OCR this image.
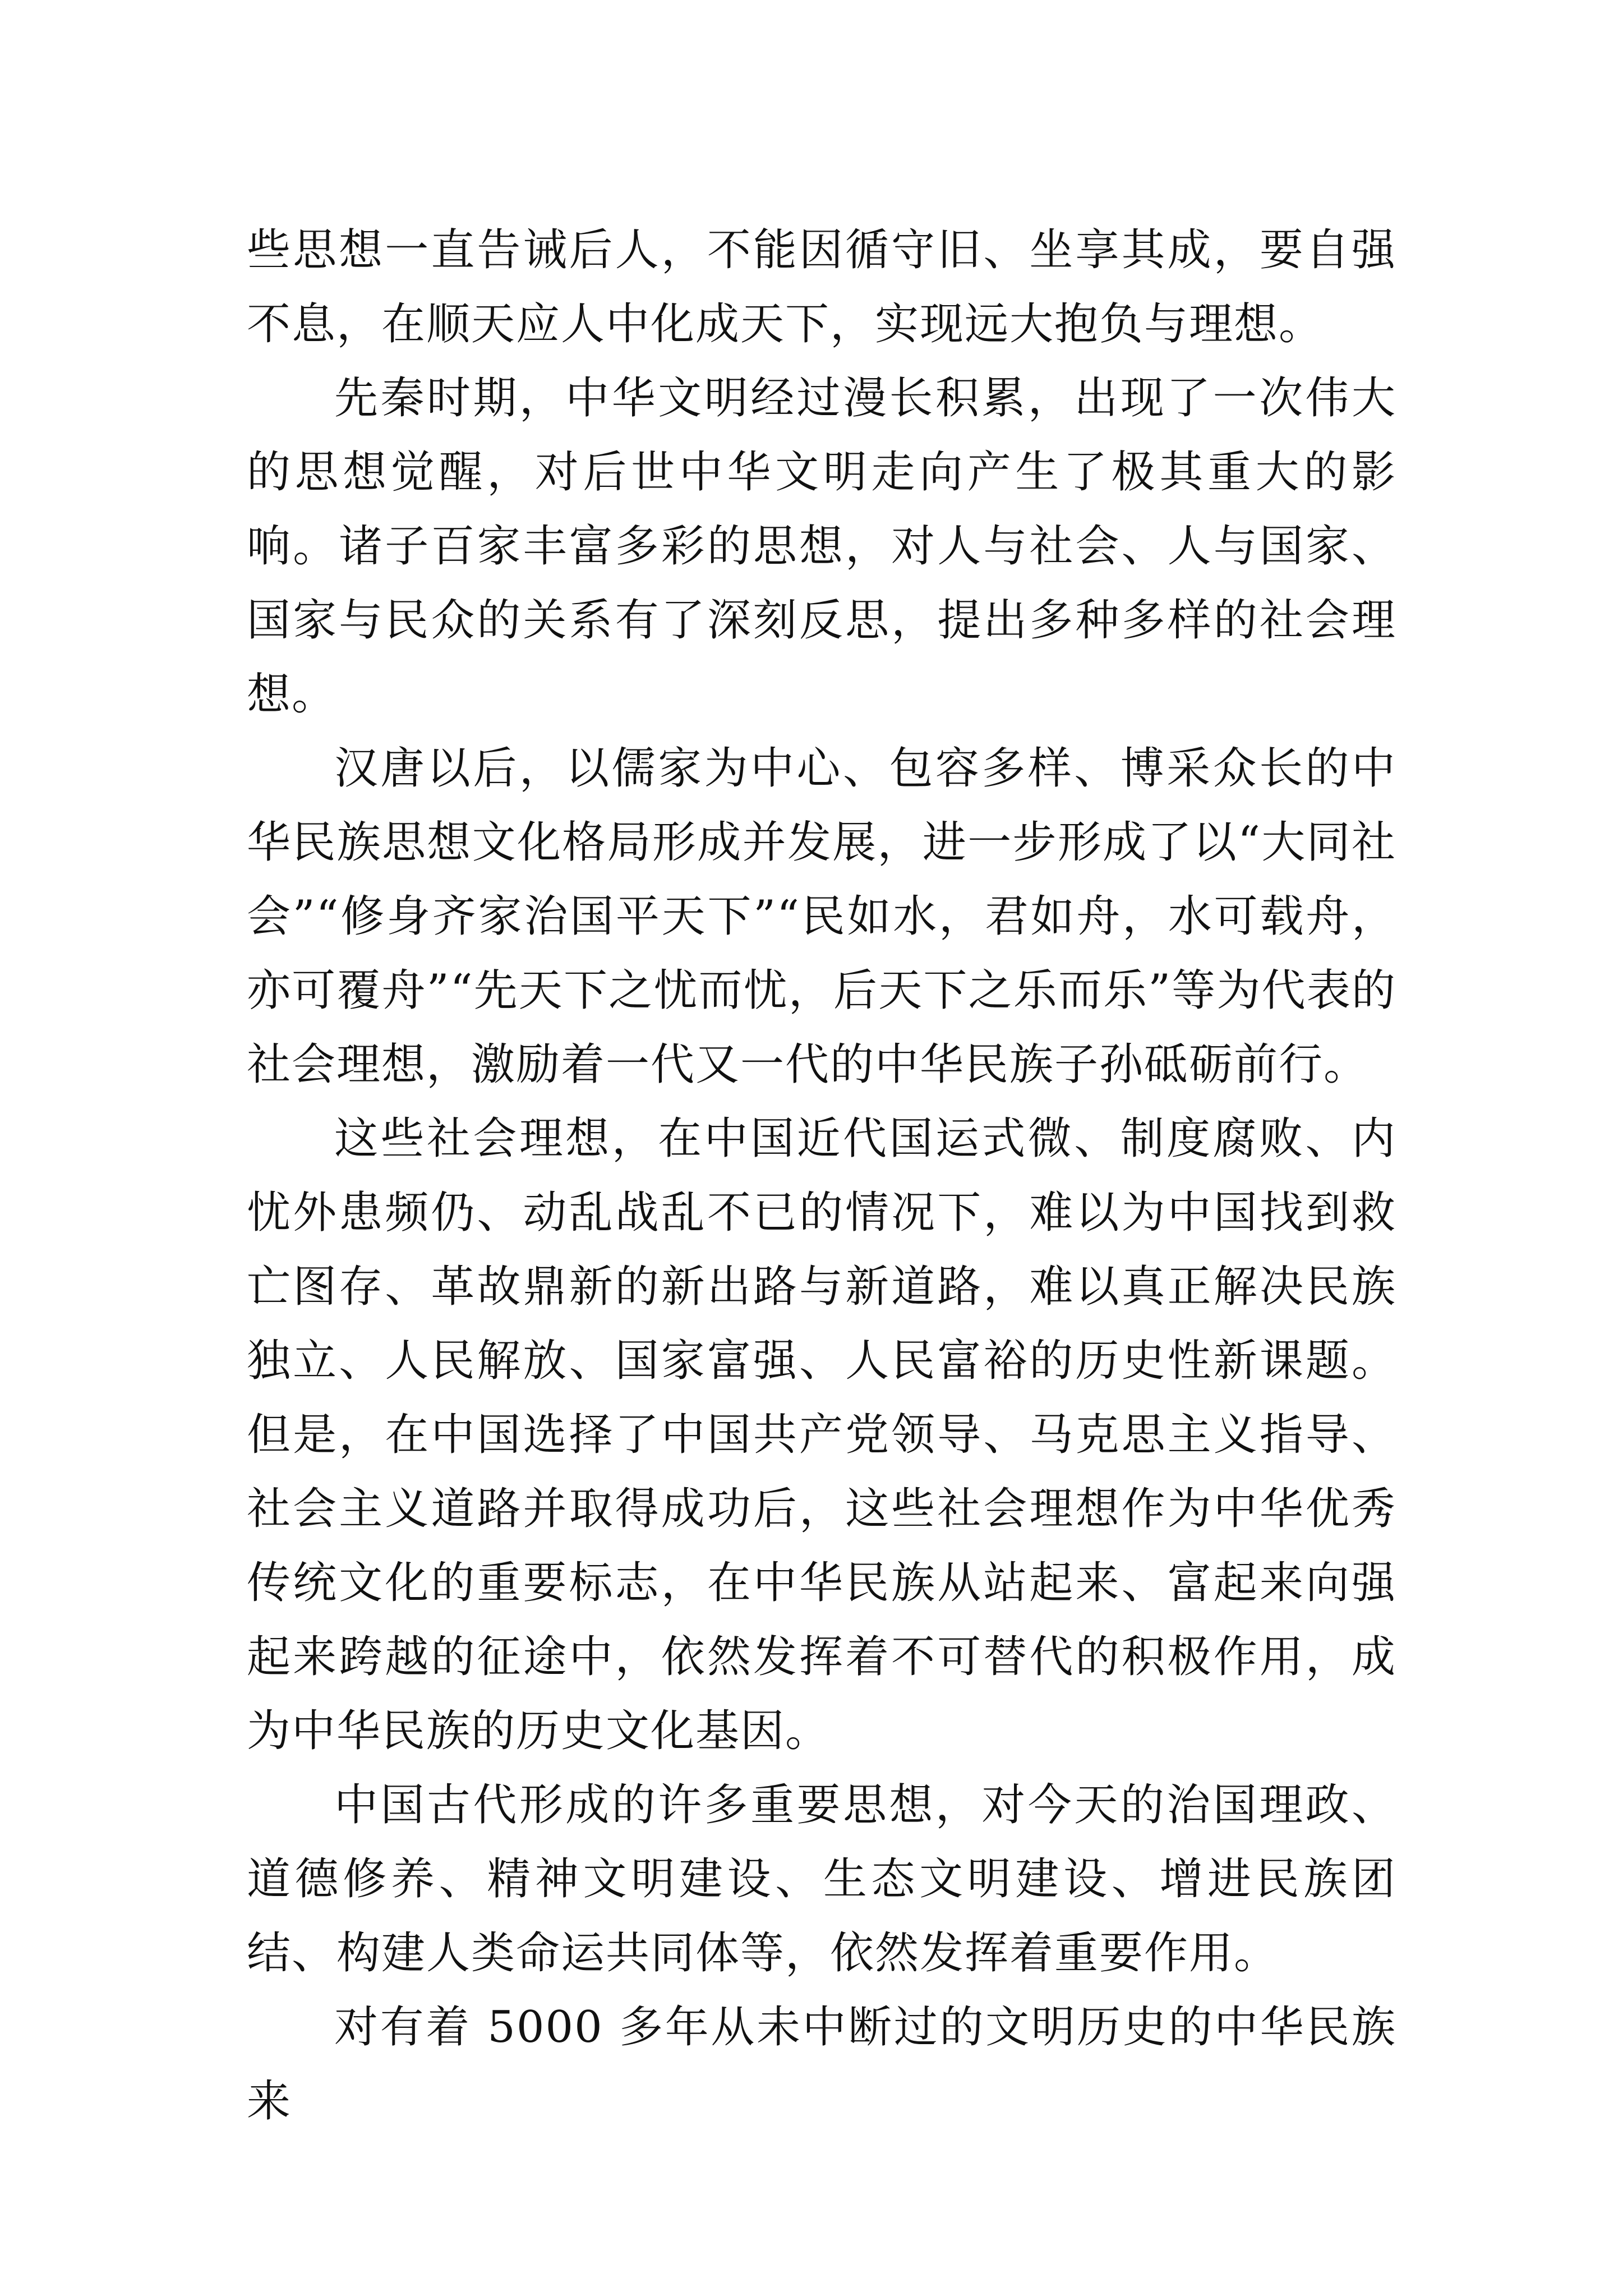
些思想一直告诫后人，不能因循守旧、坐享其成，要自强不息，在顺天应人中化成天下，实现远大抱负与理想。

先秦时期，中华文明经过漫长积累，出现了一次伟大的思想觉醒，对后世中华文明走向产生了极其重大的影响。诸子百家丰富多彩的思想，对人与社会、人与国家、国家与民众的关系有了深刻反思，提出多种多样的社会理想。

汉唐以后，以儒家为中心、包容多样、博采众长的中华民族思想文化格局形成并发展，进一步形成了以“大同社会”“修身齐家治国平天下”“民如水，君如舟，水可载舟，亦可覆舟”“先天下之忧而忧，后天下之乐而乐”等为代表的社会理想，激励着一代又一代的中华民族子孙砥砺前行。

这些社会理想，在中国近代国运式微、制度腐败、内忧外患频仍、动乱战乱不已的情况下，难以为中国找到救亡图存、革故鼎新的新出路与新道路，难以真正解决民族独立、人民解放、国家富强、人民富裕的历史性新课题。但是，在中国选择了中国共产党领导、马克思主义指导、社会主义道路并取得成功后，这些社会理想作为中华优秀传统文化的重要标志，在中华民族从站起来、富起来向强起来跨越的征途中，依然发挥着不可替代的积极作用，成为中华民族的历史文化基因。

中国古代形成的许多重要思想，对今天的治国理政、道德修养、精神文明建设、生态文明建设、增进民族团结、构建人类命运共同体等，依然发挥着重要作用。

对有着 5000 多年从未中断过的文明历史的中华民族来
